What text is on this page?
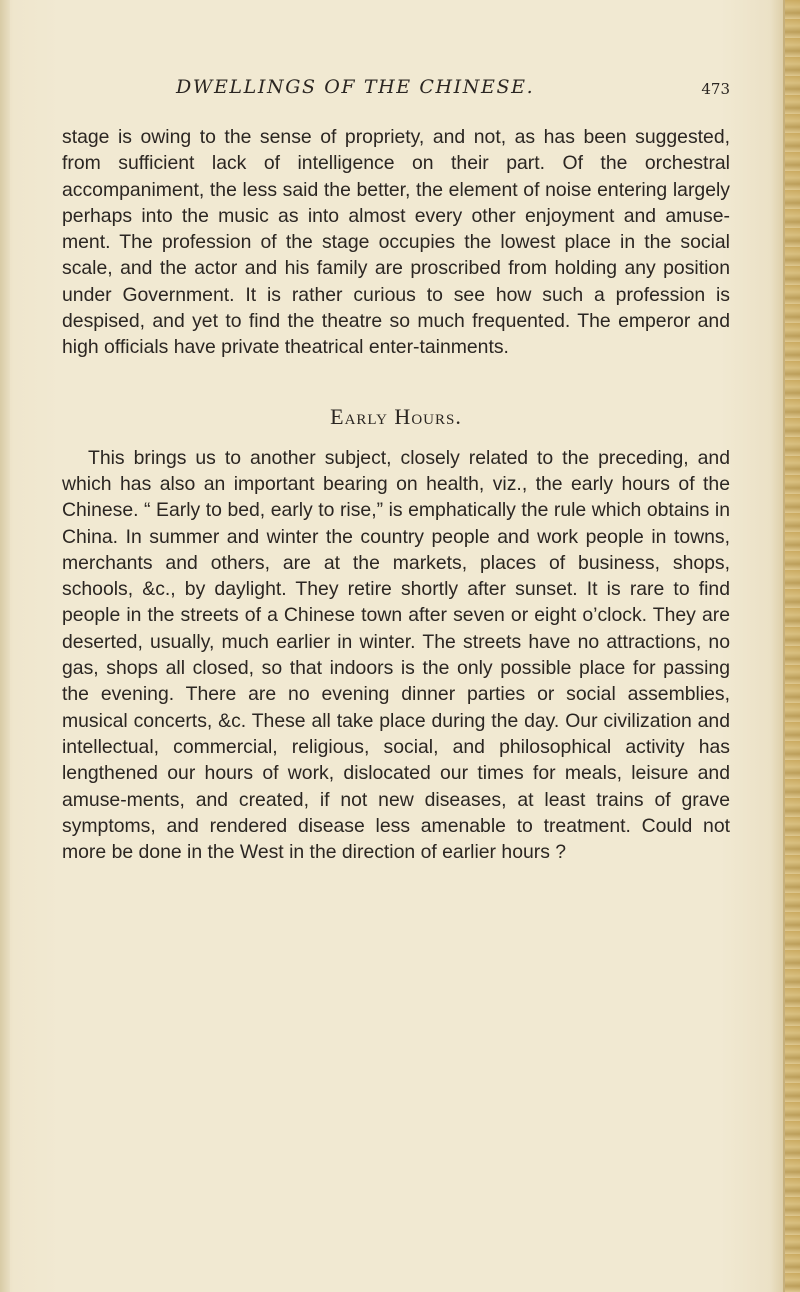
DWELLINGS OF THE CHINESE.	473

stage is owing to the sense of propriety, and not, as has been suggested, from sufficient lack of intelligence on their part. Of the orchestral accompaniment, the less said the better, the element of noise entering largely perhaps into the music as into almost every other enjoyment and amuse-ment. The profession of the stage occupies the lowest place in the social scale, and the actor and his family are proscribed from holding any position under Government. It is rather curious to see how such a profession is despised, and yet to find the theatre so much frequented. The emperor and high officials have private theatrical enter-tainments.

Early Hours.

This brings us to another subject, closely related to the preceding, and which has also an important bearing on health, viz., the early hours of the Chinese. “ Early to bed, early to rise,” is emphatically the rule which obtains in China. In summer and winter the country people and work people in towns, merchants and others, are at the markets, places of business, shops, schools, &c., by daylight. They retire shortly after sunset. It is rare to find people in the streets of a Chinese town after seven or eight o’clock. They are deserted, usually, much earlier in winter. The streets have no attractions, no gas, shops all closed, so that indoors is the only possible place for passing the evening. There are no evening dinner parties or social assemblies, musical concerts, &c. These all take place during the day. Our civilization and intellectual, commercial, religious, social, and philosophical activity has lengthened our hours of work, dislocated our times for meals, leisure and amuse-ments, and created, if not new diseases, at least trains of grave symptoms, and rendered disease less amenable to treatment. Could not more be done in the West in the direction of earlier hours ?
